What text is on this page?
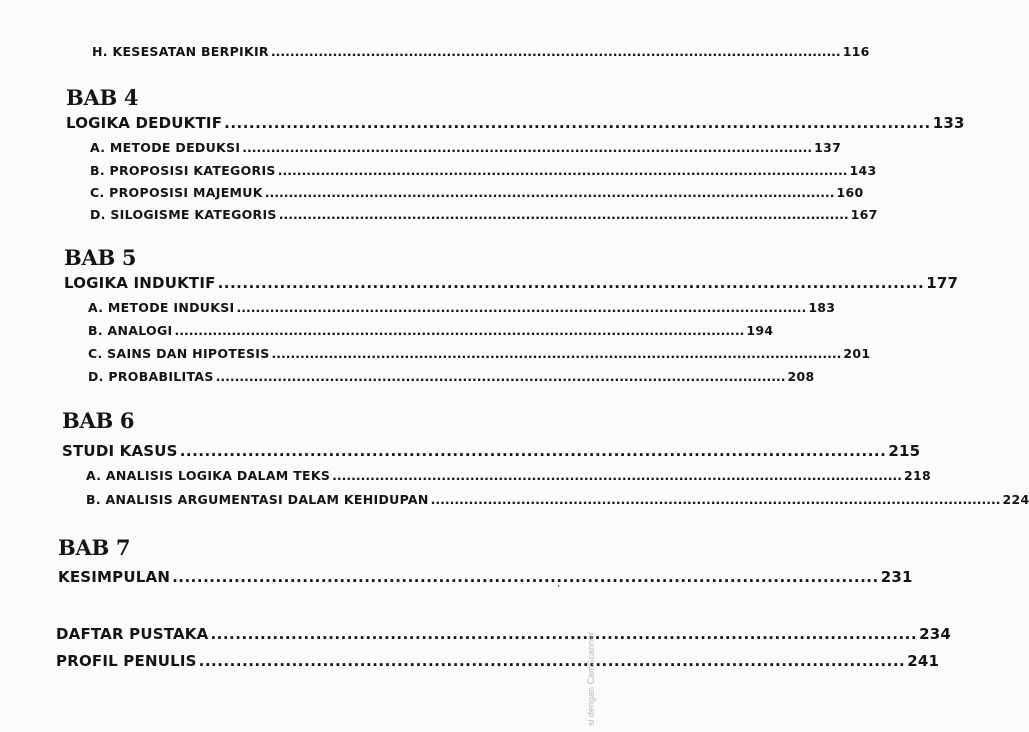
H. KESESATAN BERPIKIR ........................................................................................................................ 116
BAB 4
LOGIKA DEDUKTIF .................................................................................................................. 133
A. METODE DEDUKSI ........................................................................................................................ 137
B. PROPOSISI KATEGORIS ........................................................................................................................ 143
C. PROPOSISI MAJEMUK ........................................................................................................................ 160
D. SILOGISME KATEGORIS ........................................................................................................................ 167
BAB 5
LOGIKA INDUKTIF .................................................................................................................. 177
A. METODE INDUKSI ........................................................................................................................ 183
B. ANALOGI ........................................................................................................................ 194
C. SAINS DAN HIPOTESIS ........................................................................................................................ 201
D. PROBABILITAS ........................................................................................................................ 208
BAB 6
STUDI KASUS .................................................................................................................. 215
A. ANALISIS LOGIKA DALAM TEKS ........................................................................................................................ 218
B. ANALISIS ARGUMENTASI DALAM KEHIDUPAN ........................................................................................................................ 224
BAB 7
KESIMPULAN .................................................................................................................. 231
DAFTAR PUSTAKA .................................................................................................................. 234
PROFIL PENULIS .................................................................................................................. 241
’
si dengan CamScanner
